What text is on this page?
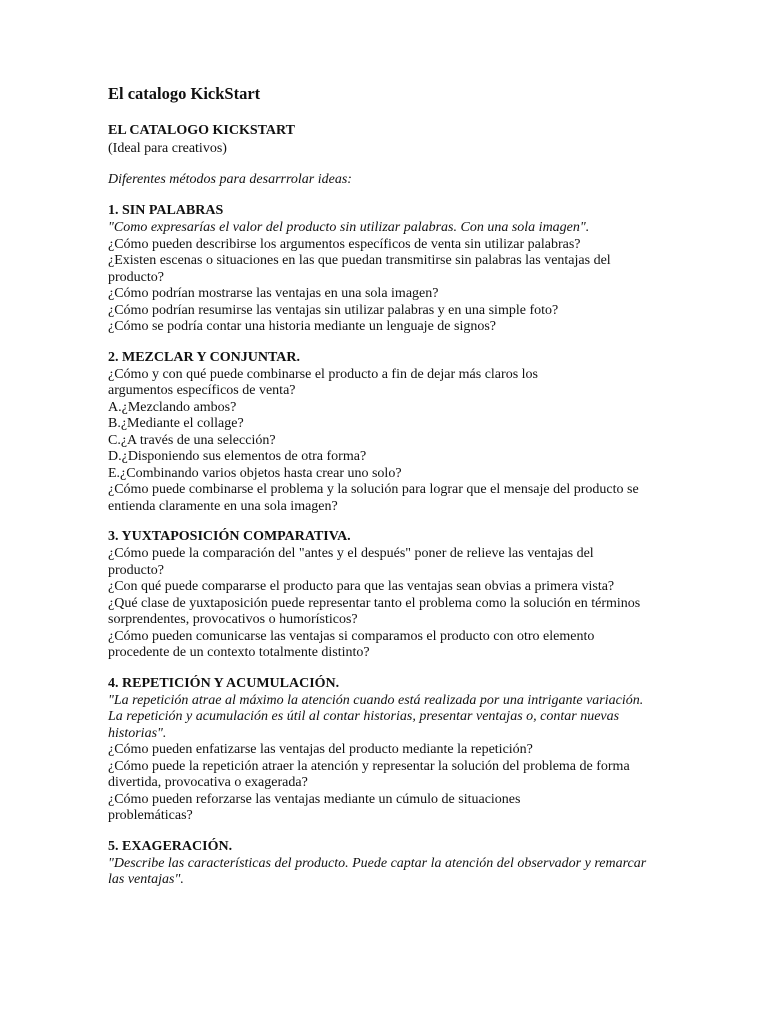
El catalogo KickStart
EL CATALOGO KICKSTART
(Ideal para creativos)
Diferentes métodos para desarrrolar ideas:
1. SIN PALABRAS
"Como expresarías el valor del producto sin utilizar palabras. Con una sola imagen".
¿Cómo pueden describirse los argumentos específicos de venta sin utilizar palabras?
¿Existen escenas o situaciones en las que puedan transmitirse sin palabras las ventajas del producto?
¿Cómo podrían mostrarse las ventajas en una sola imagen?
¿Cómo podrían resumirse las ventajas sin utilizar palabras y en una simple foto?
¿Cómo se podría contar una historia mediante un lenguaje de signos?
2. MEZCLAR Y CONJUNTAR.
¿Cómo y con qué puede combinarse el producto a fin de dejar más claros los argumentos específicos de venta?
A.¿Mezclando ambos?
B.¿Mediante el collage?
C.¿A través de una selección?
D.¿Disponiendo sus elementos de otra forma?
E.¿Combinando varios objetos hasta crear uno solo?
¿Cómo puede combinarse el problema y la solución para lograr que el mensaje del producto se entienda claramente en una sola imagen?
3. YUXTAPOSICIÓN COMPARATIVA.
¿Cómo puede la comparación del "antes y el después" poner de relieve las ventajas del producto?
¿Con qué puede compararse el producto para que las ventajas sean obvias a primera vista?
¿Qué clase de yuxtaposición puede representar tanto el problema como la solución en términos sorprendentes, provocativos o humorísticos?
¿Cómo pueden comunicarse las ventajas si comparamos el producto con otro elemento procedente de un contexto totalmente distinto?
4. REPETICIÓN Y ACUMULACIÓN.
"La repetición atrae al máximo la atención cuando está realizada por una intrigante variación. La repetición y acumulación es útil al contar historias, presentar ventajas o, contar nuevas historias".
¿Cómo pueden enfatizarse las ventajas del producto mediante la repetición?
¿Cómo puede la repetición atraer la atención y representar la solución del problema de forma divertida, provocativa o exagerada?
¿Cómo pueden reforzarse las ventajas mediante un cúmulo de situaciones problemáticas?
5. EXAGERACIÓN.
"Describe las características del producto. Puede captar la atención del observador y remarcar las ventajas".
